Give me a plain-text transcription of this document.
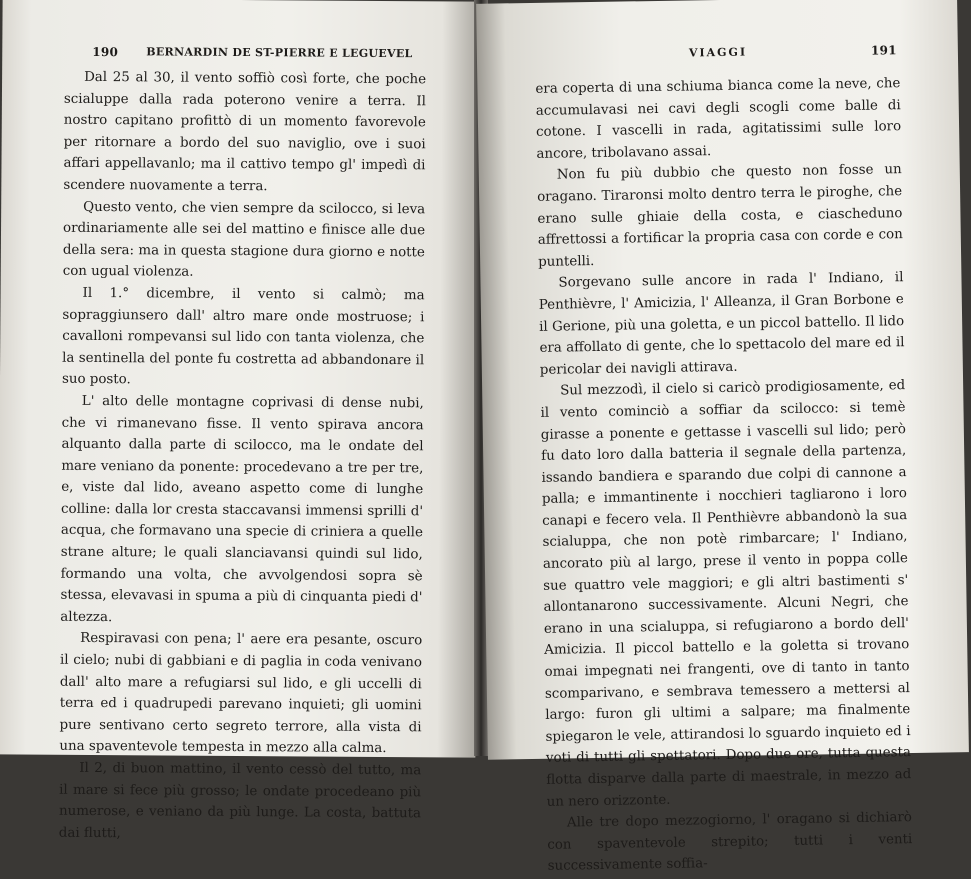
190	BERNARDIN DE ST-PIERRE E LEGUEVEL

Dal 25 al 30, il vento soffiò così forte, che poche scialuppe dalla rada poterono venire a terra. Il nostro capitano profittò di un momento favorevole per ritornare a bordo del suo naviglio, ove i suoi affari appellavanlo; ma il cattivo tempo gl' impedì di scendere nuovamente a terra.

Questo vento, che vien sempre da scilocco, si leva ordinariamente alle sei del mattino e finisce alle due della sera: ma in questa stagione dura giorno e notte con ugual violenza.

Il 1.° dicembre, il vento si calmò; ma sopraggiunsero dall' altro mare onde mostruose; i cavalloni rompevansi sul lido con tanta violenza, che la sentinella del ponte fu costretta ad abbandonare il suo posto.

L' alto delle montagne coprivasi di dense nubi, che vi rimanevano fisse. Il vento spirava ancora alquanto dalla parte di scilocco, ma le ondate del mare veniano da ponente: procedevano a tre per tre, e, viste dal lido, aveano aspetto come di lunghe colline: dalla lor cresta staccavansi immensi sprilli d' acqua, che formavano una specie di criniera a quelle strane alture; le quali slanciavansi quindi sul lido, formando una volta, che avvolgendosi sopra sè stessa, elevavasi in spuma a più di cinquanta piedi d' altezza.

Respiravasi con pena; l' aere era pesante, oscuro il cielo; nubi di gabbiani e di paglia in coda venivano dall' alto mare a refugiarsi sul lido, e gli uccelli di terra ed i quadrupedi parevano inquieti; gli uomini pure sentivano certo segreto terrore, alla vista di una spaventevole tempesta in mezzo alla calma.

Il 2, di buon mattino, il vento cessò del tutto, ma il mare si fece più grosso; le ondate procedeano più numerose, e veniano da più lunge. La costa, battuta dai flutti,

VIAGGI	191

era coperta di una schiuma bianca come la neve, che accumulavasi nei cavi degli scogli come balle di cotone. I vascelli in rada, agitatissimi sulle loro ancore, tribolavano assai.

Non fu più dubbio che questo non fosse un oragano. Tiraronsi molto dentro terra le piroghe, che erano sulle ghiaie della costa, e ciascheduno affrettossi a fortificar la propria casa con corde e con puntelli.

Sorgevano sulle ancore in rada l' Indiano, il Penthièvre, l' Amicizia, l' Alleanza, il Gran Borbone e il Gerione, più una goletta, e un piccol battello. Il lido era affollato di gente, che lo spettacolo del mare ed il pericolar dei navigli attirava.

Sul mezzodì, il cielo si caricò prodigiosamente, ed il vento cominciò a soffiar da scilocco: si temè girasse a ponente e gettasse i vascelli sul lido; però fu dato loro dalla batteria il segnale della partenza, issando bandiera e sparando due colpi di cannone a palla; e immantinente i nocchieri tagliarono i loro canapi e fecero vela. Il Penthièvre abbandonò la sua scialuppa, che non potè rimbarcare; l' Indiano, ancorato più al largo, prese il vento in poppa colle sue quattro vele maggiori; e gli altri bastimenti s' allontanarono successivamente. Alcuni Negri, che erano in una scialuppa, si refugiarono a bordo dell' Amicizia. Il piccol battello e la goletta si trovano omai impegnati nei frangenti, ove di tanto in tanto scomparivano, e sembrava temessero a mettersi al largo: furon gli ultimi a salpare; ma finalmente spiegaron le vele, attirandosi lo sguardo inquieto ed i voti di tutti gli spettatori. Dopo due ore, tutta questa flotta disparve dalla parte di maestrale, in mezzo ad un nero orizzonte.

Alle tre dopo mezzogiorno, l' oragano si dichiarò con spaventevole strepito; tutti i venti successivamente soffia-
